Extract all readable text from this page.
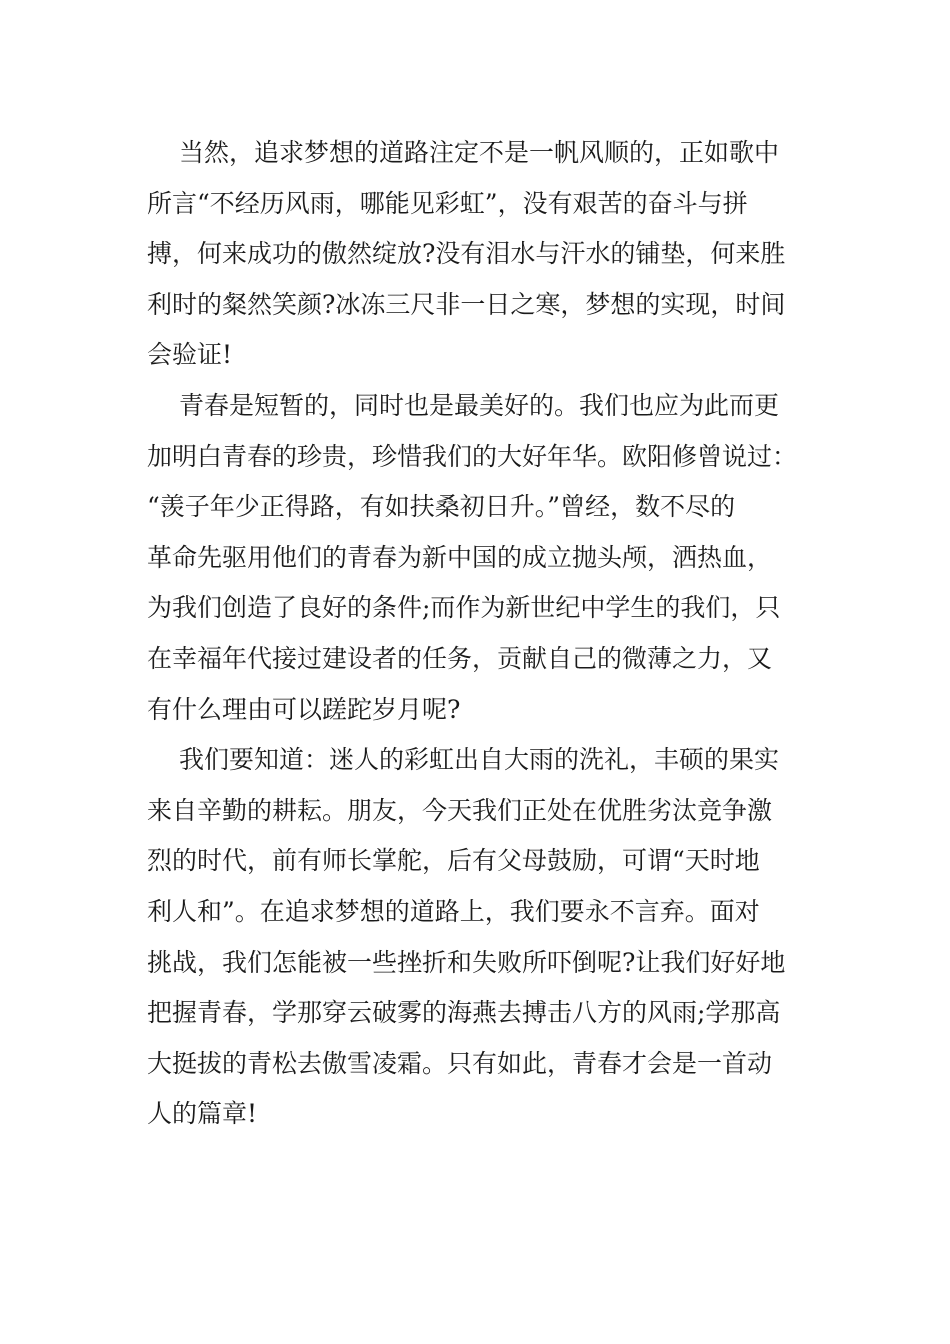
当然，追求梦想的道路注定不是一帆风顺的，正如歌中
所言“不经历风雨，哪能见彩虹”，没有艰苦的奋斗与拼
搏，何来成功的傲然绽放?没有泪水与汗水的铺垫，何来胜
利时的粲然笑颜?冰冻三尺非一日之寒，梦想的实现，时间
会验证!
青春是短暂的，同时也是最美好的。我们也应为此而更
加明白青春的珍贵，珍惜我们的大好年华。欧阳修曾说过：
“羡子年少正得路，有如扶桑初日升。”曾经，数不尽的
革命先驱用他们的青春为新中国的成立抛头颅，洒热血，
为我们创造了良好的条件;而作为新世纪中学生的我们，只
在幸福年代接过建设者的任务，贡献自己的微薄之力，又
有什么理由可以蹉跎岁月呢?
我们要知道：迷人的彩虹出自大雨的洗礼，丰硕的果实
来自辛勤的耕耘。朋友，今天我们正处在优胜劣汰竞争激
烈的时代，前有师长掌舵，后有父母鼓励，可谓“天时地
利人和”。在追求梦想的道路上，我们要永不言弃。面对
挑战，我们怎能被一些挫折和失败所吓倒呢?让我们好好地
把握青春，学那穿云破雾的海燕去搏击八方的风雨;学那高
大挺拔的青松去傲雪凌霜。只有如此，青春才会是一首动
人的篇章!
